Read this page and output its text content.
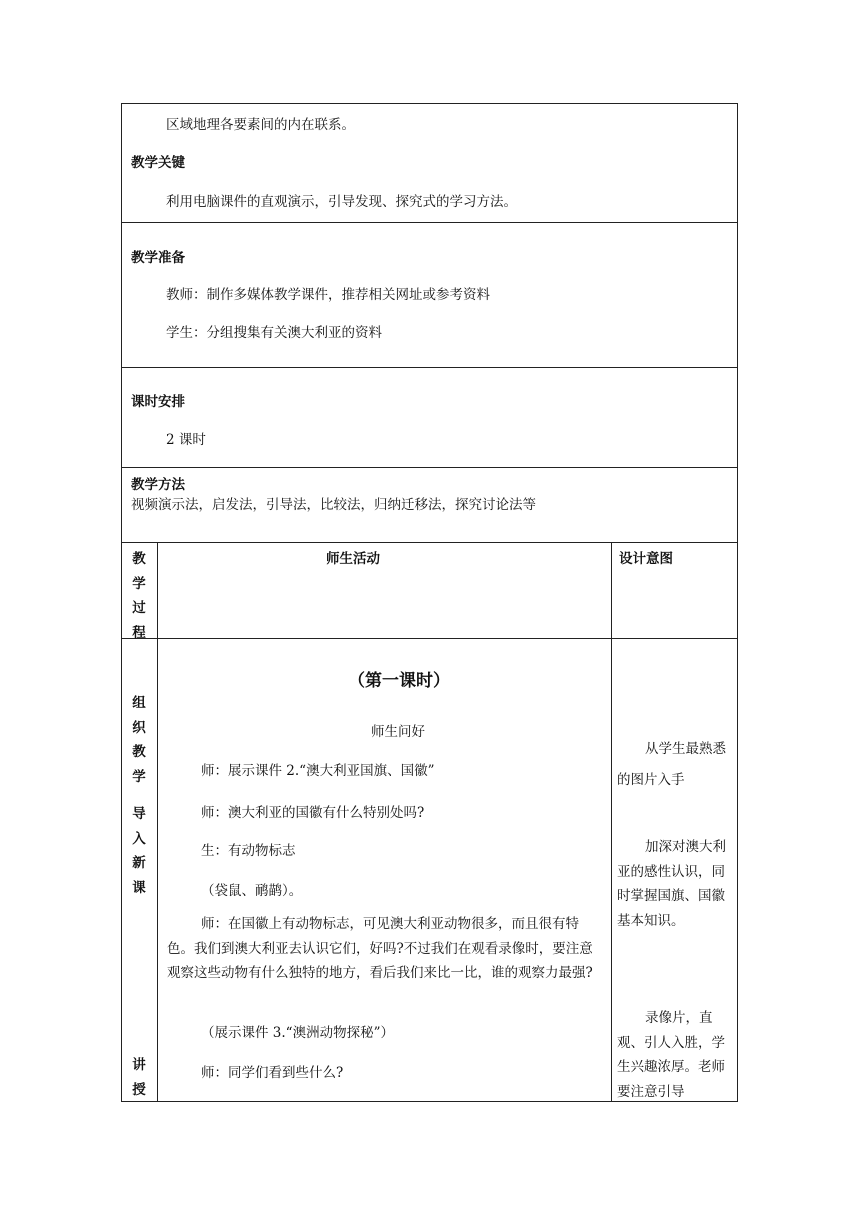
区域地理各要素间的内在联系。
教学关键
利用电脑课件的直观演示，引导发现、探究式的学习方法。
教学准备
教师：制作多媒体教学课件，推荐相关网址或参考资料
学生：分组搜集有关澳大利亚的资料
课时安排
2 课时
教学方法
视频演示法，启发法，引导法，比较法，归纳迁移法，探究讨论法等
教
学
过
程
师生活动	设计意图
组
织
教
学
导
入
新
课
讲
授
（第一课时）
师生问好
师：展示课件 2.“澳大利亚国旗、国徽”
师：澳大利亚的国徽有什么特别处吗?
生：有动物标志
（袋鼠、鸸鹋）。
师：在国徽上有动物标志，可见澳大利亚动物很多，而且很有特色。我们到澳大利亚去认识它们，好吗?不过我们在观看录像时，要注意观察这些动物有什么独特的地方，看后我们来比一比，谁的观察力最强?
（展示课件 3.“澳洲动物探秘”）
师：同学们看到些什么?
从学生最熟悉的图片入手
加深对澳大利亚的感性认识，同时掌握国旗、国徽基本知识。
录像片，直观、引人入胜，学生兴趣浓厚。老师要注意引导
